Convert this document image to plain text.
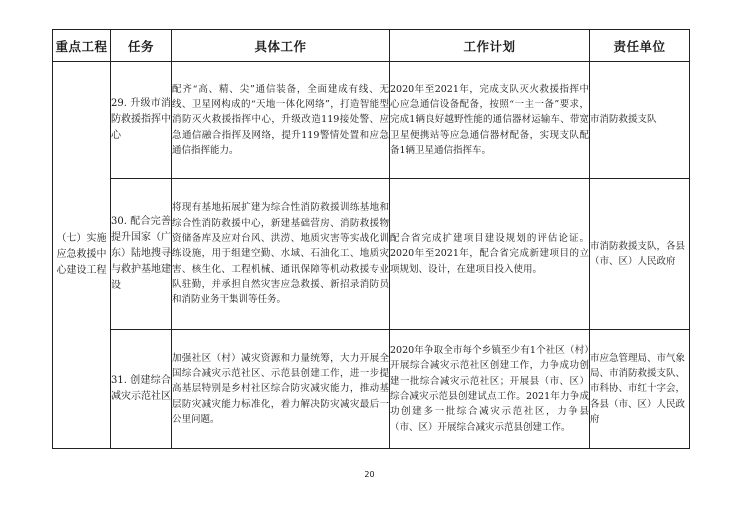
重点工程	任务	具体工作	工作计划	责任单位
（七）实施应急救援中心建设工程	29. 升级市消防救援指挥中心	配齐“高、精、尖”通信装备，全面建成有线、无线、卫星网构成的“天地一体化网络”，打造智能型消防灭火救援指挥中心，升级改造119接处警、应急通信融合指挥及网络，提升119警情处置和应急通信指挥能力。	2020年至2021年，完成支队灭火救援指挥中心应急通信设备配备，按照“一主一备”要求，完成1辆良好越野性能的通信器材运输车、带宽卫星便携站等应急通信器材配备，实现支队配备1辆卫星通信指挥车。	市消防救援支队
	30. 配合完善提升国家（广东）陆地搜寻与救护基地建设	将现有基地拓展扩建为综合性消防救援训练基地和综合性消防救援中心，新建基础营房、消防救援物资储备库及应对台风、洪涝、地质灾害等实战化训练设施，用于组建空勤、水域、石油化工、地质灾害、核生化、工程机械、通讯保障等机动救援专业队驻勤，并承担自然灾害应急救援、新招录消防员和消防业务干集训等任务。	配合省完成扩建项目建设规划的评估论证。2020年至2021年，配合省完成新建项目的立项规划、设计，在建项目投入使用。	市消防救援支队，各县（市、区）人民政府
	31. 创建综合减灾示范社区	加强社区（村）减灾资源和力量统筹，大力开展全国综合减灾示范社区、示范县创建工作，进一步提高基层特别是乡村社区综合防灾减灾能力，推动基层防灾减灾能力标准化，着力解决防灾减灾最后一公里问题。	2020年争取全市每个乡镇至少有1个社区（村）开展综合减灾示范社区创建工作，力争成功创建一批综合减灾示范社区；开展县（市、区）综合减灾示范县创建试点工作。2021年力争成功创建多一批综合减灾示范社区，力争县（市、区）开展综合减灾示范县创建工作。	市应急管理局、市气象局、市消防救援支队、市科协、市红十字会，各县（市、区）人民政府
20
